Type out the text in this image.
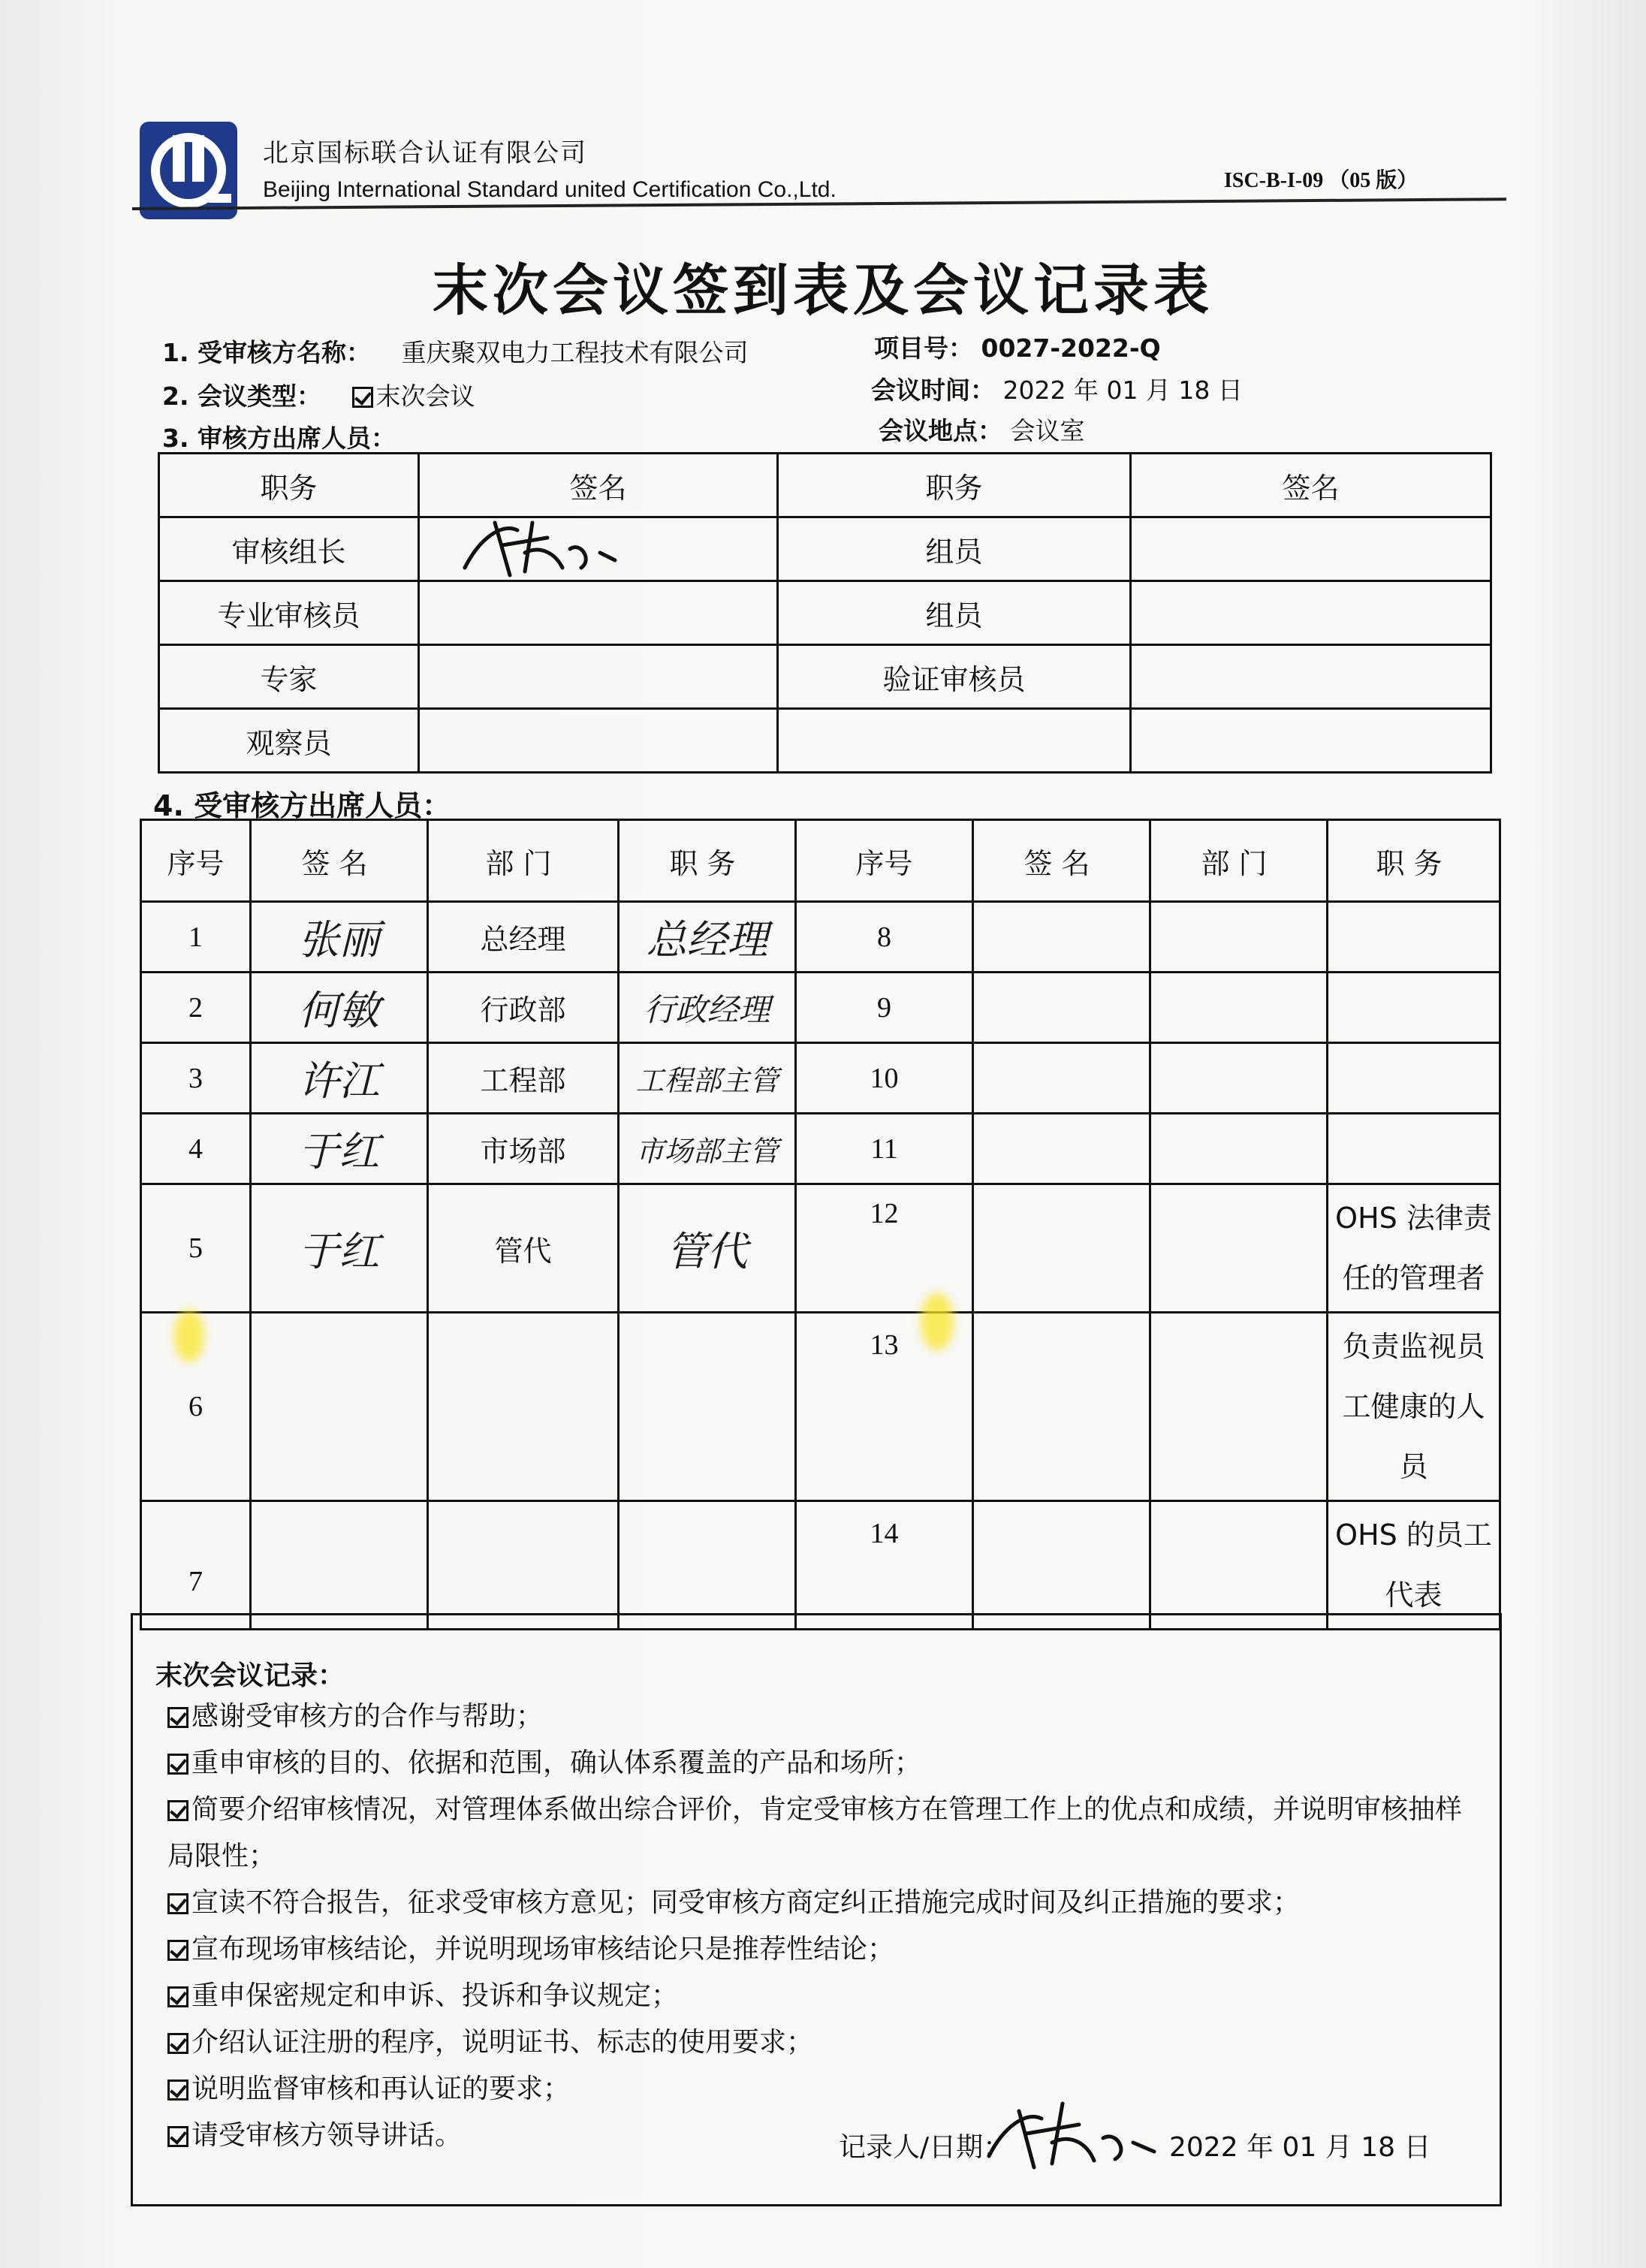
北京国标联合认证有限公司
Beijing International Standard united Certification Co.,Ltd.	ISC-B-I-09 （05 版）
末次会议签到表及会议记录表
1. 受审核方名称： 重庆聚双电力工程技术有限公司	项目号： 0027-2022-Q
2. 会议类型： 末次会议	会议时间： 2022 年 01 月 18 日
3. 审核方出席人员：	会议地点： 会议室
职务	签名	职务	签名
审核组长		组员	
专业审核员		组员	
专家		验证审核员	
观察员			
4. 受审核方出席人员：
序号	签名	部门	职务	序号	签名	部门	职务
1	张丽	总经理	总经理	8			
2	何敏	行政部	行政经理	9			
3	许江	工程部	工程部主管	10			
4	于红	市场部	市场部主管	11			
5	于红	管代	管代	12			OHS 法律责任的管理者
6				13			负责监视员工健康的人员
7				14			OHS 的员工代表
末次会议记录：
感谢受审核方的合作与帮助；
重申审核的目的、依据和范围，确认体系覆盖的产品和场所；
简要介绍审核情况，对管理体系做出综合评价，肯定受审核方在管理工作上的优点和成绩，并说明审核抽样局限性；
宣读不符合报告，征求受审核方意见；同受审核方商定纠正措施完成时间及纠正措施的要求；
宣布现场审核结论，并说明现场审核结论只是推荐性结论；
重申保密规定和申诉、投诉和争议规定；
介绍认证注册的程序，说明证书、标志的使用要求；
说明监督审核和再认证的要求；
请受审核方领导讲话。	记录人/日期：	2022 年 01 月 18 日
